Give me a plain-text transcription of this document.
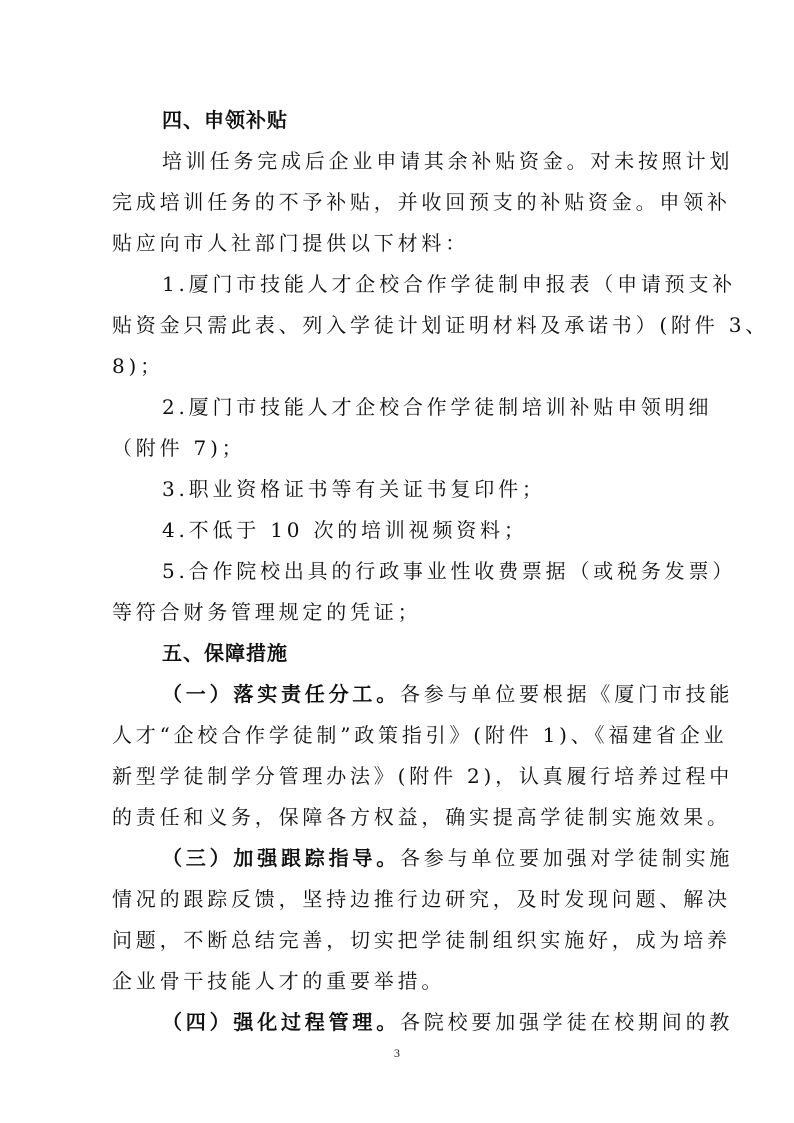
四、申领补贴
培训任务完成后企业申请其余补贴资金。对未按照计划
完成培训任务的不予补贴，并收回预支的补贴资金。申领补
贴应向市人社部门提供以下材料：
1.厦门市技能人才企校合作学徒制申报表（申请预支补
贴资金只需此表、列入学徒计划证明材料及承诺书）(附件 3、
8)；
2.厦门市技能人才企校合作学徒制培训补贴申领明细
（附件 7)；
3.职业资格证书等有关证书复印件；
4.不低于 10 次的培训视频资料；
5.合作院校出具的行政事业性收费票据（或税务发票）
等符合财务管理规定的凭证；
五、保障措施
（一）落实责任分工。各参与单位要根据《厦门市技能
人才“企校合作学徒制”政策指引》(附件 1)、《福建省企业
新型学徒制学分管理办法》(附件 2)，认真履行培养过程中
的责任和义务，保障各方权益，确实提高学徒制实施效果。
（三）加强跟踪指导。各参与单位要加强对学徒制实施
情况的跟踪反馈，坚持边推行边研究，及时发现问题、解决
问题，不断总结完善，切实把学徒制组织实施好，成为培养
企业骨干技能人才的重要举措。
（四）强化过程管理。各院校要加强学徒在校期间的教
3
